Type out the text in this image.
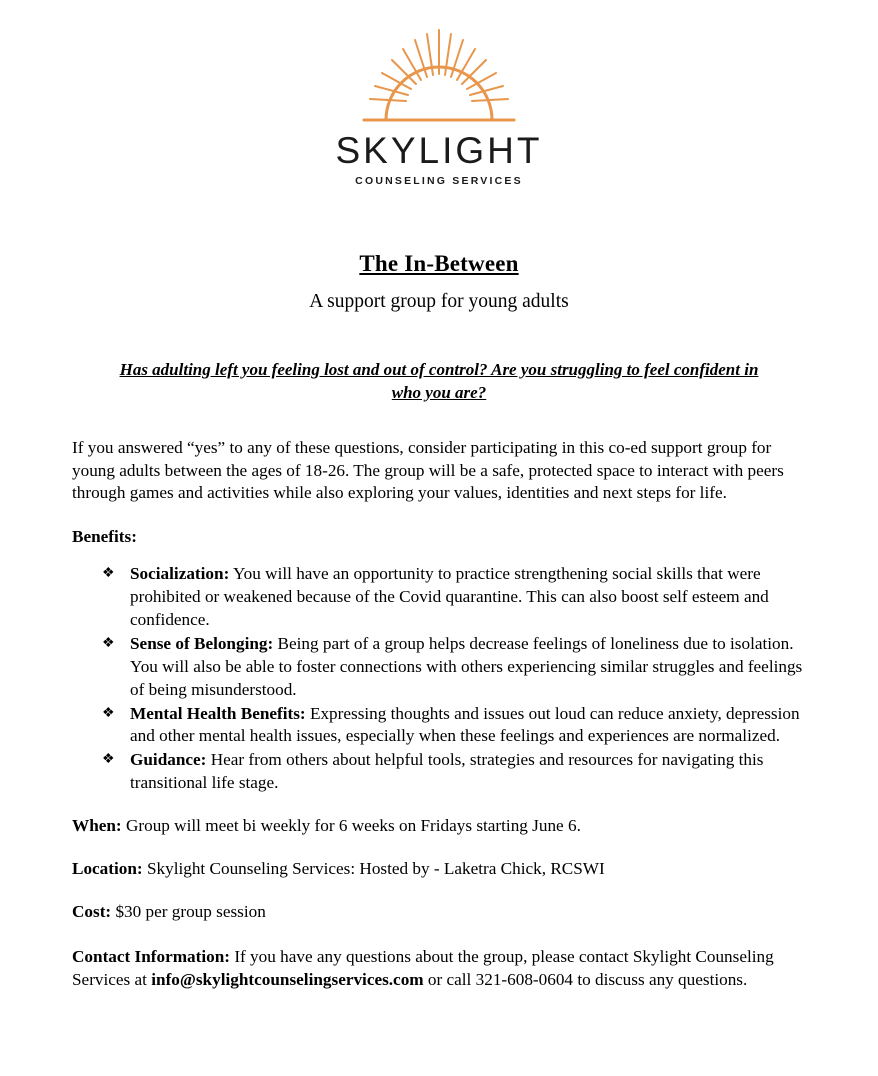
SKYLIGHT
COUNSELING SERVICES
The In-Between
A support group for young adults

Has adulting left you feeling lost and out of control? Are you struggling to feel confident in who you are?

If you answered “yes” to any of these questions, consider participating in this co-ed support group for young adults between the ages of 18-26. The group will be a safe, protected space to interact with peers through games and activities while also exploring your values, identities and next steps for life.

Benefits:

❖ Socialization: You will have an opportunity to practice strengthening social skills that were prohibited or weakened because of the Covid quarantine. This can also boost self esteem and confidence.
❖ Sense of Belonging: Being part of a group helps decrease feelings of loneliness due to isolation. You will also be able to foster connections with others experiencing similar struggles and feelings of being misunderstood.
❖ Mental Health Benefits: Expressing thoughts and issues out loud can reduce anxiety, depression and other mental health issues, especially when these feelings and experiences are normalized.
❖ Guidance: Hear from others about helpful tools, strategies and resources for navigating this transitional life stage.

When: Group will meet bi weekly for 6 weeks on Fridays starting June 6.

Location: Skylight Counseling Services: Hosted by - Laketra Chick, RCSWI

Cost: $30 per group session

Contact Information: If you have any questions about the group, please contact Skylight Counseling Services at info@skylightcounselingservices.com or call 321-608-0604 to discuss any questions.
